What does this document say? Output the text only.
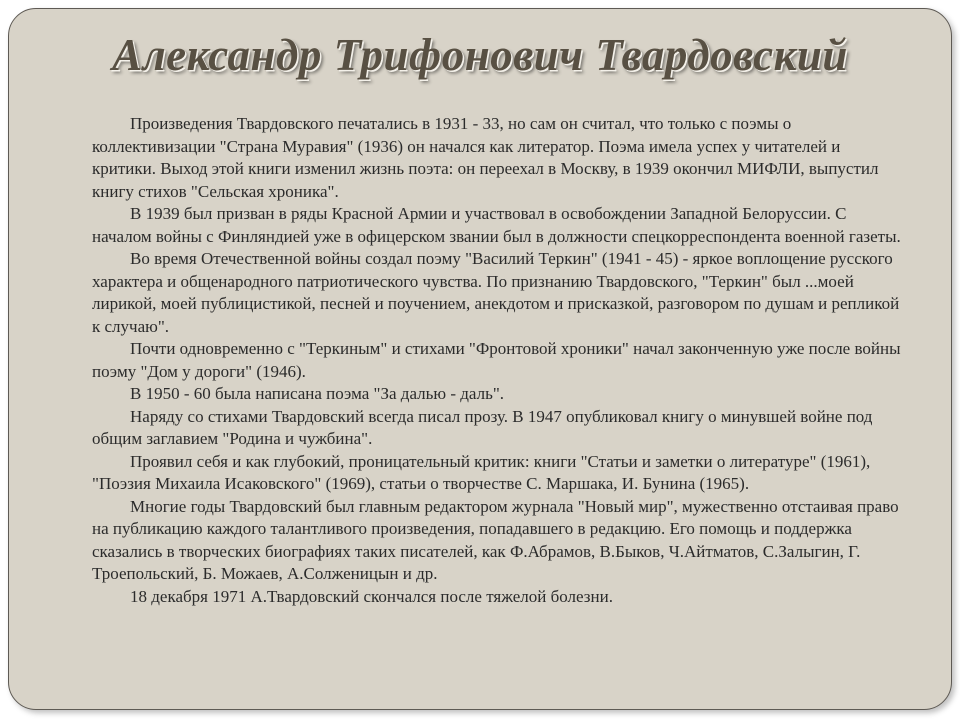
Александр Трифонович Твардовский

Произведения Твардовского печатались в 1931 - 33, но сам он считал, что только с поэмы о коллективизации "Страна Муравия" (1936) он начался как литератор. Поэма имела успех у читателей и критики. Выход этой книги изменил жизнь поэта: он переехал в Москву, в 1939 окончил МИФЛИ, выпустил книгу стихов "Сельская хроника".

В 1939 был призван в ряды Красной Армии и участвовал в освобождении Западной Белоруссии. С началом войны с Финляндией уже в офицерском звании был в должности спецкорреспондента военной газеты.

Во время Отечественной войны создал поэму "Василий Теркин" (1941 - 45) - яркое воплощение русского характера и общенародного патриотического чувства. По признанию Твардовского, "Теркин" был ...моей лирикой, моей публицистикой, песней и поучением, анекдотом и присказкой, разговором по душам и репликой к случаю".

Почти одновременно с "Теркиным" и стихами "Фронтовой хроники" начал законченную уже после войны поэму "Дом у дороги" (1946).

В 1950 - 60 была написана поэма "За далью - даль".

Наряду со стихами Твардовский всегда писал прозу. В 1947 опубликовал книгу о минувшей войне под общим заглавием "Родина и чужбина".

Проявил себя и как глубокий, проницательный критик: книги "Статьи и заметки о литературе" (1961), "Поэзия Михаила Исаковского" (1969), статьи о творчестве С. Маршака, И. Бунина (1965).

Многие годы Твардовский был главным редактором журнала "Новый мир", мужественно отстаивая право на публикацию каждого талантливого произведения, попадавшего в редакцию. Его помощь и поддержка сказались в творческих биографиях таких писателей, как Ф.Абрамов, В.Быков, Ч.Айтматов, С.Залыгин, Г. Троепольский, Б. Можаев, А.Солженицын и др.

18 декабря 1971 А.Твардовский скончался после тяжелой болезни.
